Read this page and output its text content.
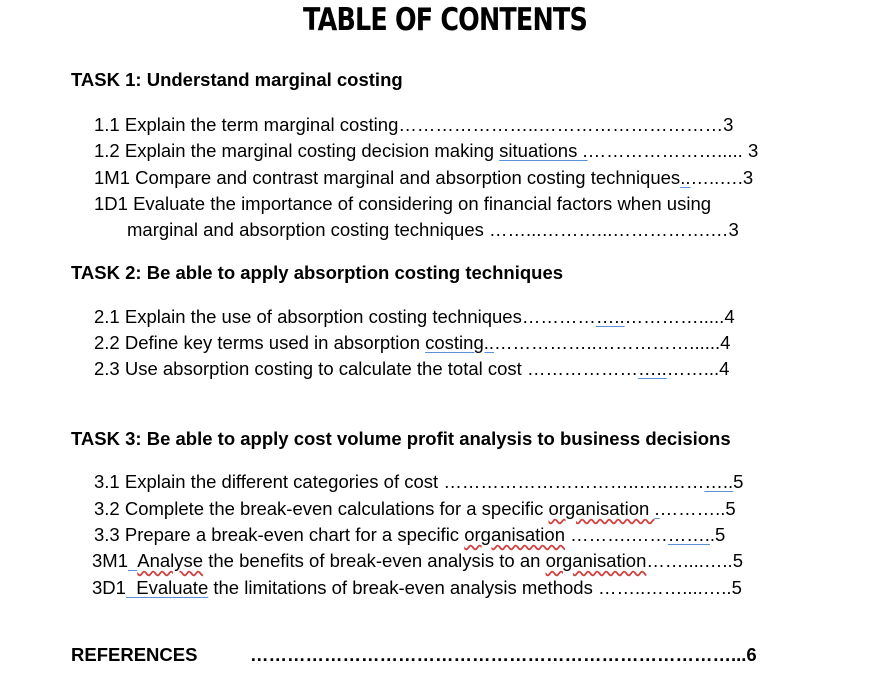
TABLE OF CONTENTS
TASK 1: Understand marginal costing
1.1 Explain the term marginal costing…………………..…………………………3
1.2 Explain the marginal costing decision making situations .…………………..... 3
1M1 Compare and contrast marginal and absorption costing techniques..…..….3
1D1 Evaluate the importance of considering on financial factors when using
marginal and absorption costing techniques ……...………...…………….…3
TASK 2: Be able to apply absorption costing techniques
2.1 Explain the use of absorption costing techniques……………..………….....4
2.2 Define key terms used in absorption costing..……………..……………......4
2.3 Use absorption costing to calculate the total cost …………………..……...4
TASK 3: Be able to apply cost volume profit analysis to business decisions
3.1 Explain the different categories of cost …………………………..…..………..5
3.2 Complete the break-even calculations for a specific organisation .………..5
3.3 Prepare a break-even chart for a specific organisation ……….…………..5
3M1 Analyse the benefits of break-even analysis to an organisation……....…..5
3D1  Evaluate the limitations of break-even analysis methods ……..……....…..5
REFERENCES	……………………………………………………………………...6
